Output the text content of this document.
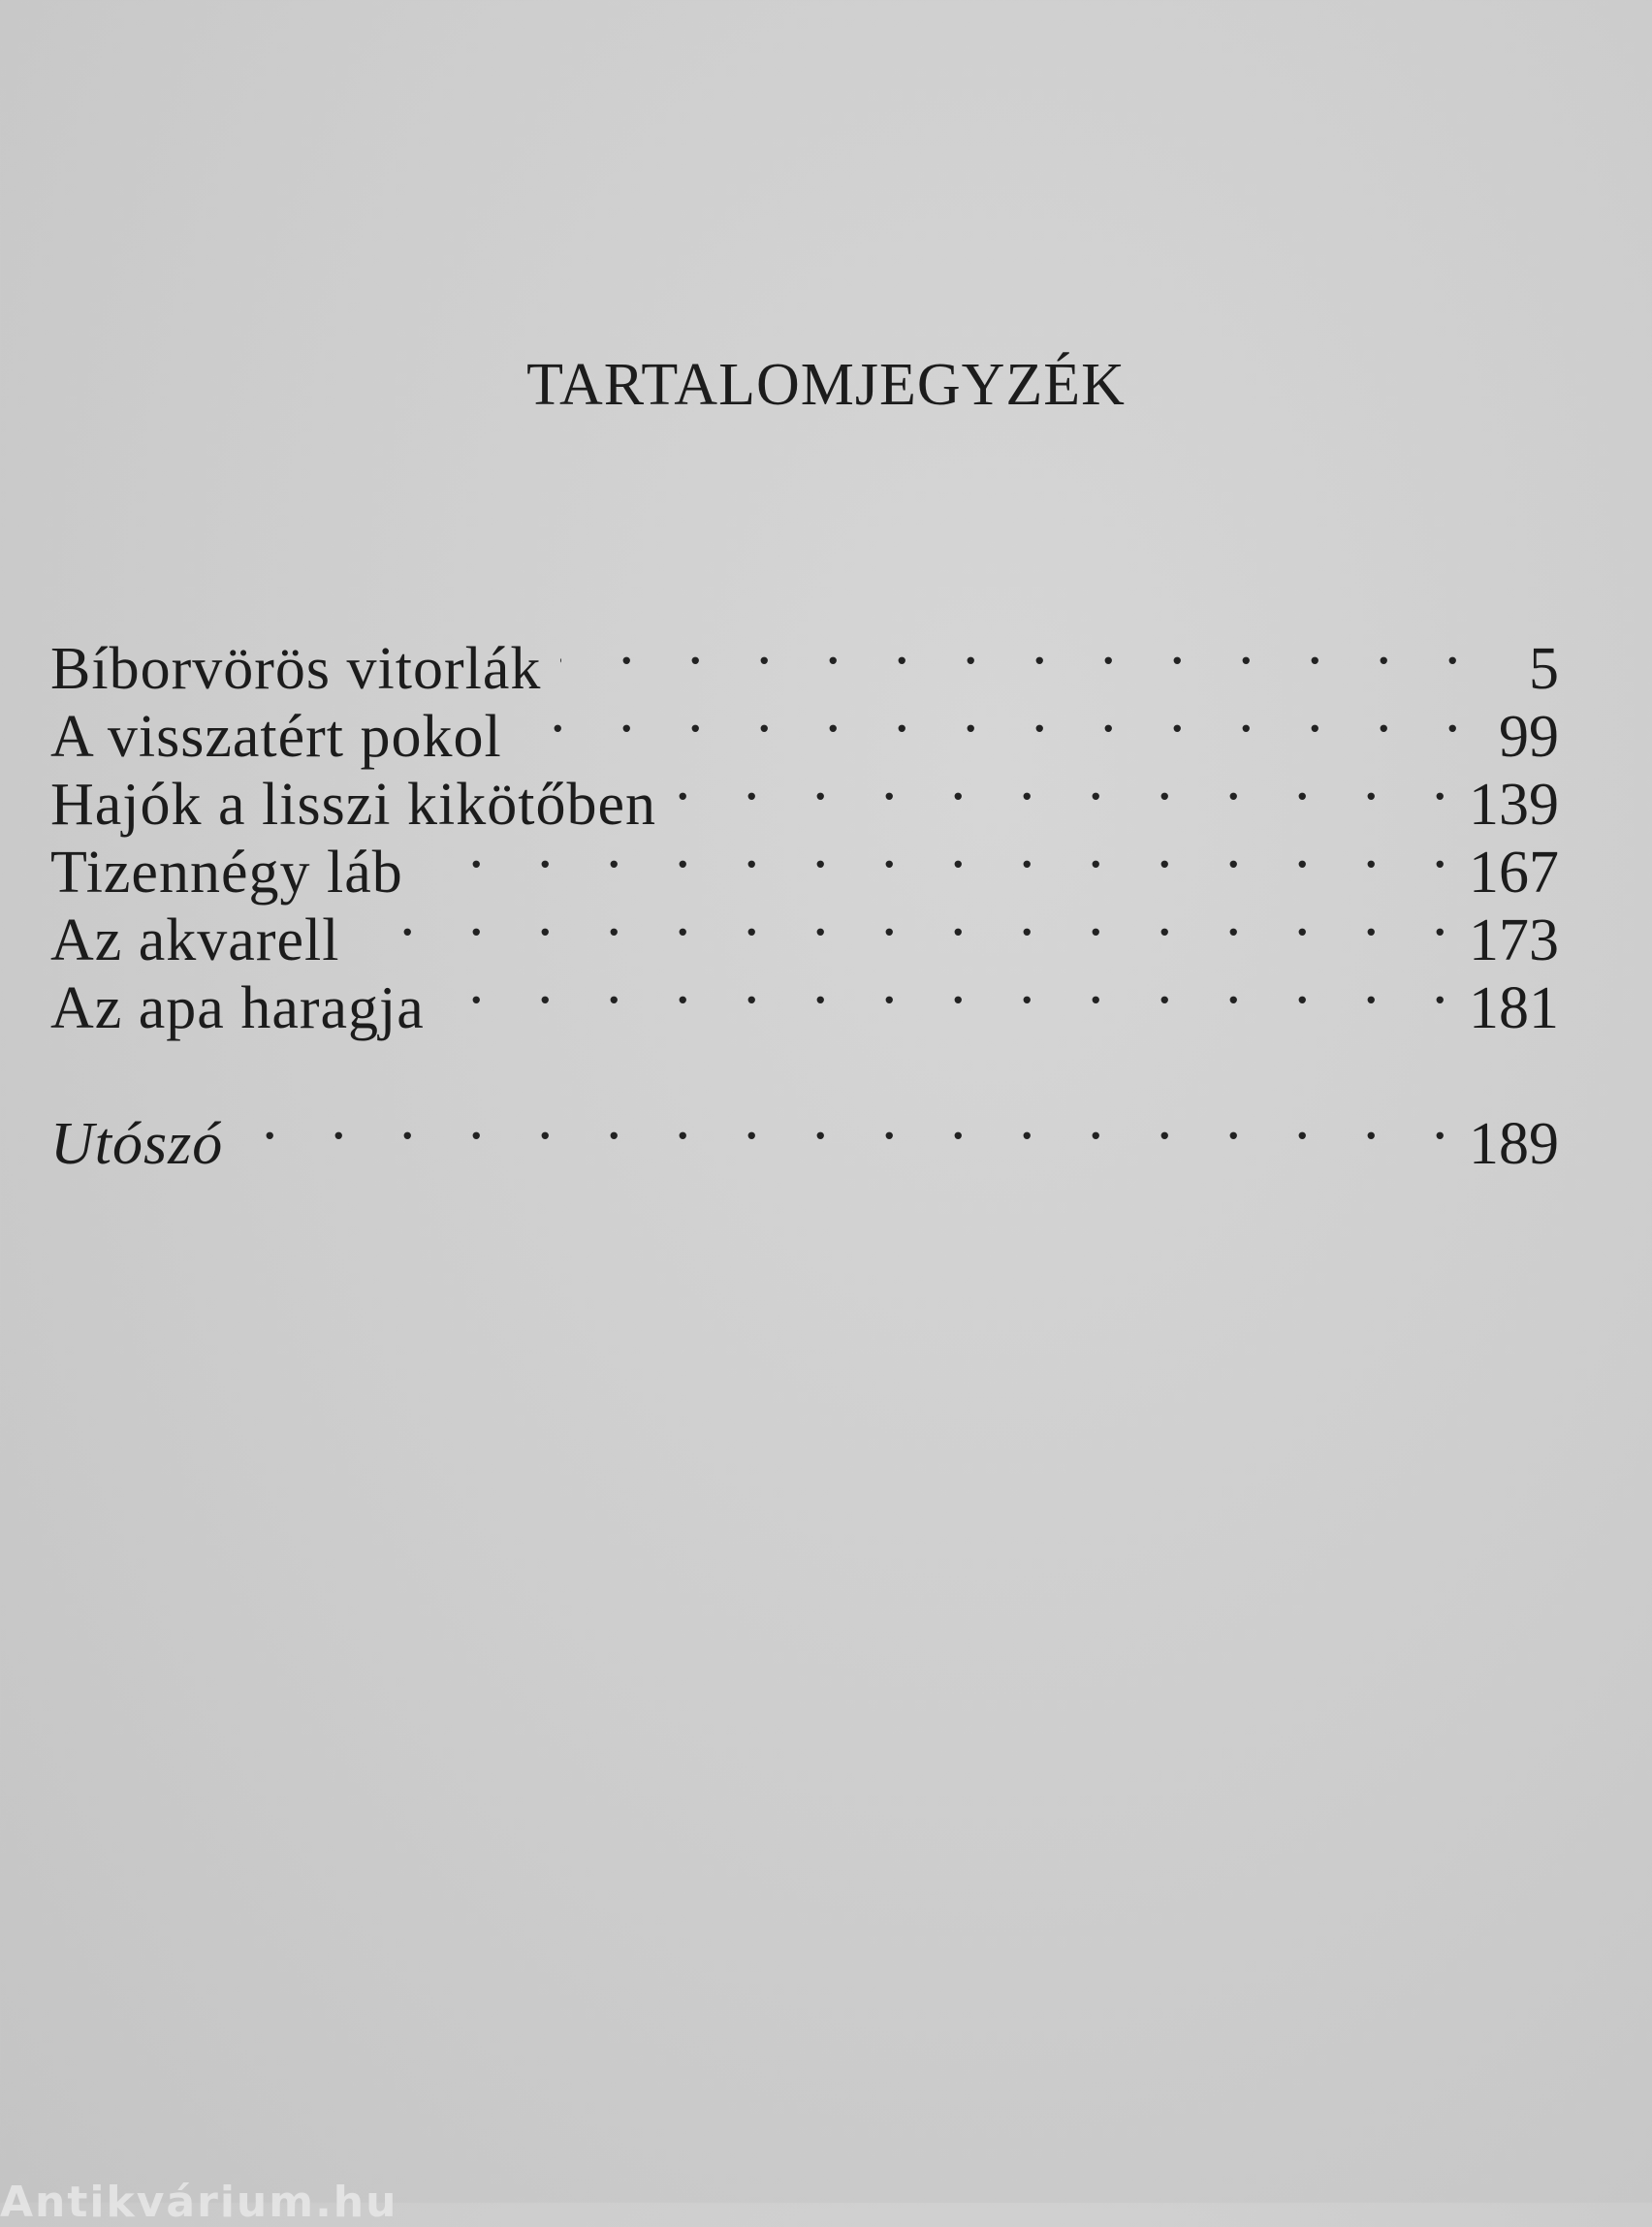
TARTALOMJEGYZÉK
Bíborvörös vitorlák . . .	5
A visszatért pokol . . .	99
Hajók a lisszi kikötőben . . .	139
Tizennégy láb . . .	167
Az akvarell . . .	173
Az apa haragja . . .	181
Utószó . . .	189
Antikvárium.hu
